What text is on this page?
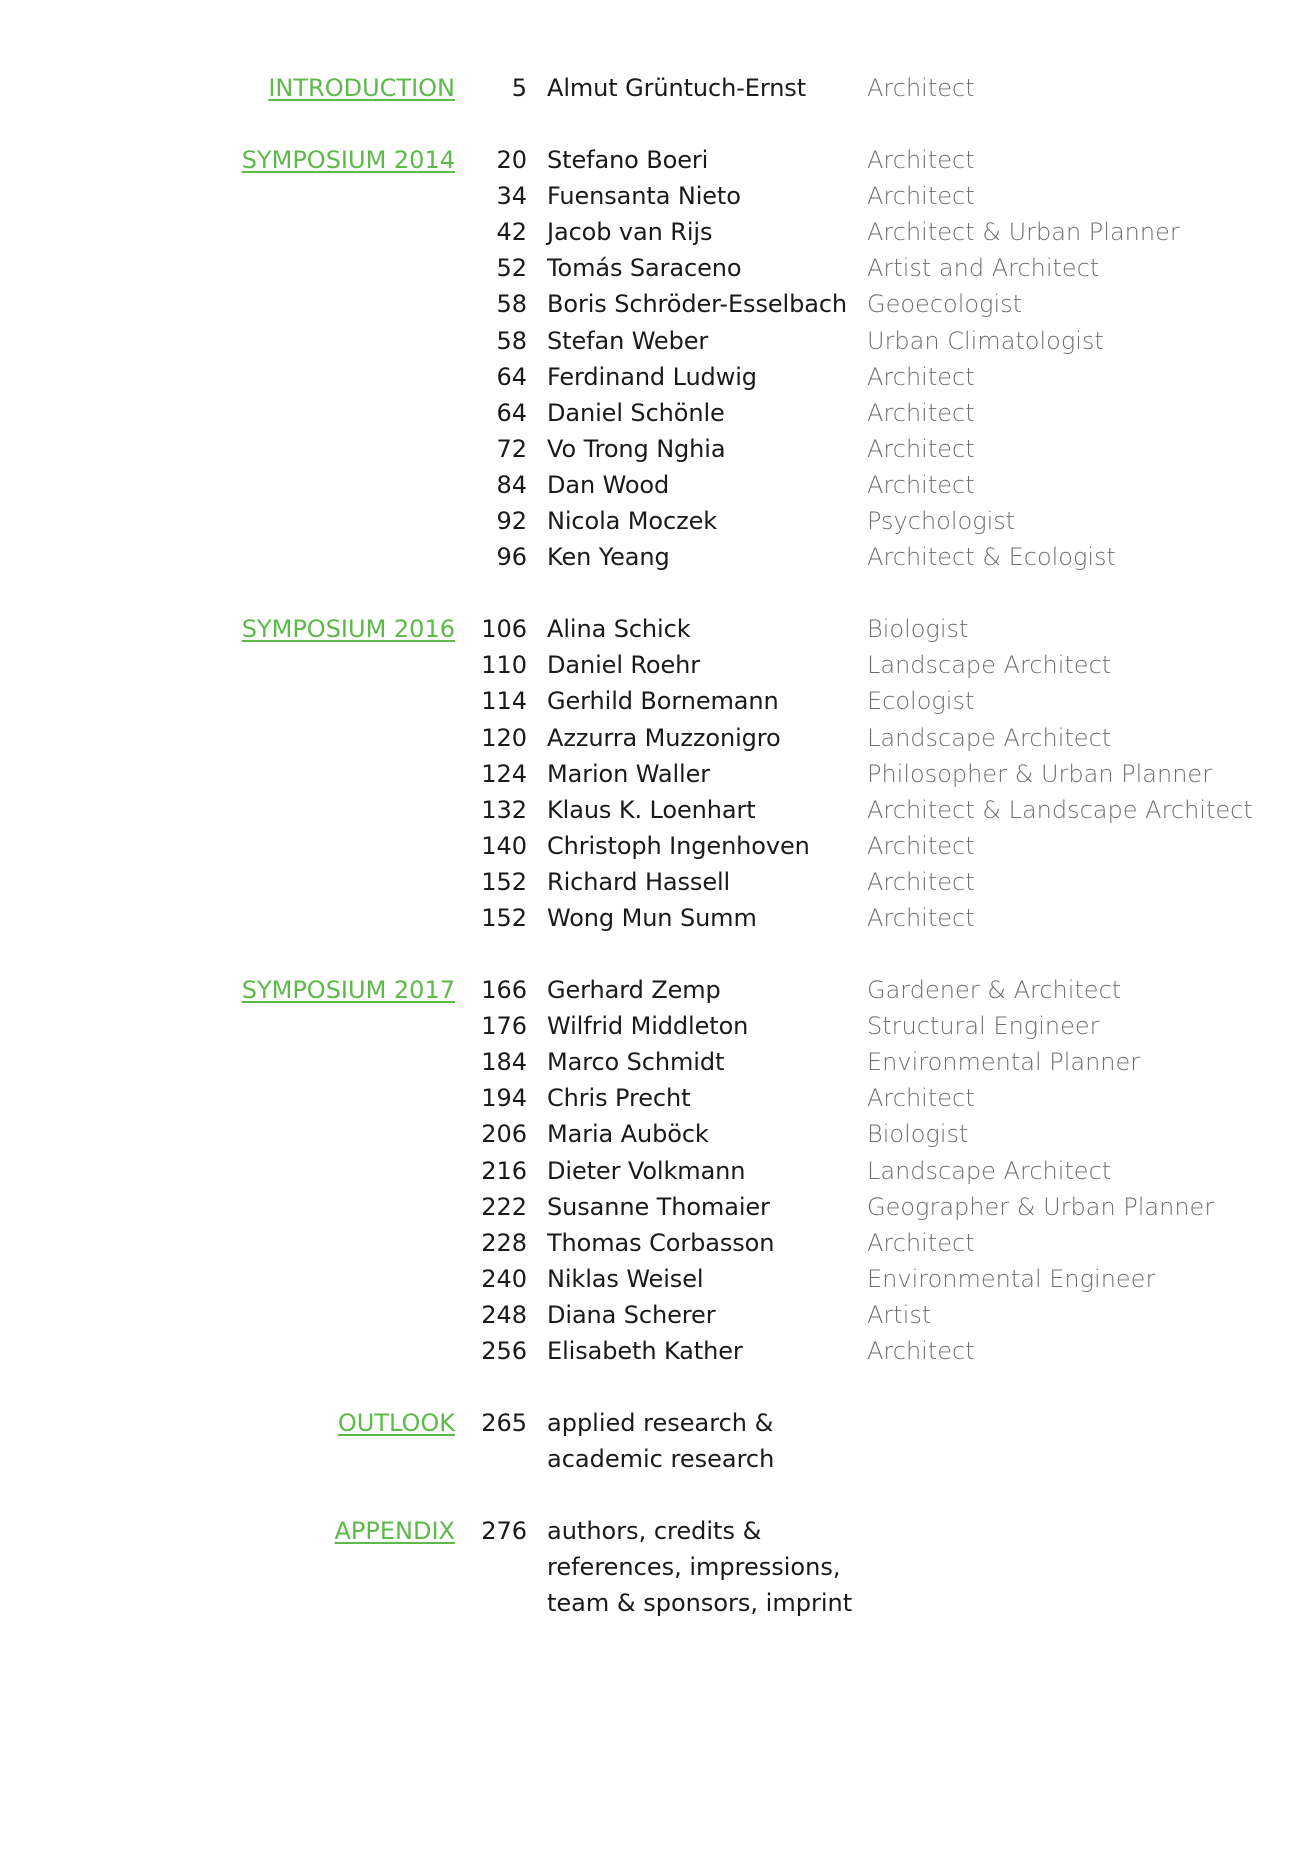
INTRODUCTION 5 Almut Grüntuch-Ernst	Architect
SYMPOSIUM 2014 20 Stefano Boeri	Architect
34 Fuensanta Nieto	Architect
42 Jacob van Rijs	Architect & Urban Planner
52 Tomás Saraceno	Artist and Architect
58 Boris Schröder-Esselbach Geoecologist
58 Stefan Weber	Urban Climatologist
64 Ferdinand Ludwig	Architect
64 Daniel Schönle	Architect
72 Vo Trong Nghia	Architect
84 Dan Wood	Architect
92 Nicola Moczek	Psychologist
96 Ken Yeang	Architect & Ecologist
SYMPOSIUM 2016 106 Alina Schick	Biologist
110 Daniel Roehr	Landscape Architect
114 Gerhild Bornemann	Ecologist
120 Azzurra Muzzonigro	Landscape Architect
124 Marion Waller	Philosopher & Urban Planner
132 Klaus K. Loenhart	Architect & Landscape Architect
140 Christoph Ingenhoven Architect
152 Richard Hassell	Architect
152 Wong Mun Summ	Architect
SYMPOSIUM 2017 166 Gerhard Zemp	Gardener & Architect
176 Wilfrid Middleton	Structural Engineer
184 Marco Schmidt	Environmental Planner
194 Chris Precht	Architect
206 Maria Auböck	Biologist
216 Dieter Volkmann	Landscape Architect
222 Susanne Thomaier	Geographer & Urban Planner
228 Thomas Corbasson	Architect
240 Niklas Weisel	Environmental Engineer
248 Diana Scherer	Artist
256 Elisabeth Kather	Architect
OUTLOOK 265 applied research &
academic research
APPENDIX 276 authors, credits &
references, impressions,
team & sponsors, imprint
